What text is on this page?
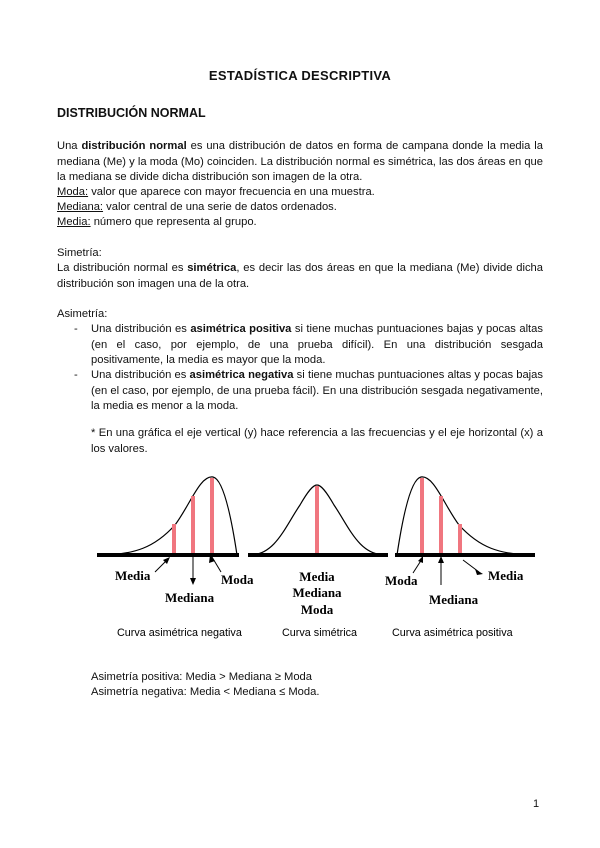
ESTADÍSTICA DESCRIPTIVA
DISTRIBUCIÓN NORMAL
Una distribución normal es una distribución de datos en forma de campana donde la media la mediana (Me) y la moda (Mo) coinciden. La distribución normal es simétrica, las dos áreas en que la mediana se divide dicha distribución son imagen de la otra.
Moda: valor que aparece con mayor frecuencia en una muestra.
Mediana: valor central de una serie de datos ordenados.
Media: número que representa al grupo.
Simetría:
La distribución normal es simétrica, es decir las dos áreas en que la mediana (Me) divide dicha distribución son imagen una de la otra.
Asimetría:
- Una distribución es asimétrica positiva si tiene muchas puntuaciones bajas y pocas altas (en el caso, por ejemplo, de una prueba difícil). En una distribución sesgada positivamente, la media es mayor que la moda.
- Una distribución es asimétrica negativa si tiene muchas puntuaciones altas y pocas bajas (en el caso, por ejemplo, de una prueba fácil). En una distribución sesgada negativamente, la media es menor a la moda.
* En una gráfica el eje vertical (y) hace referencia a las frecuencias y el eje horizontal (x) a los valores.
Media
Mediana
Moda
Curva asimétrica negativa
Media
Mediana
Moda
Curva simétrica
Moda
Mediana
Media
Curva asimétrica positiva
Asimetría positiva: Media > Mediana ≥ Moda
Asimetría negativa: Media < Mediana ≤ Moda.
1
